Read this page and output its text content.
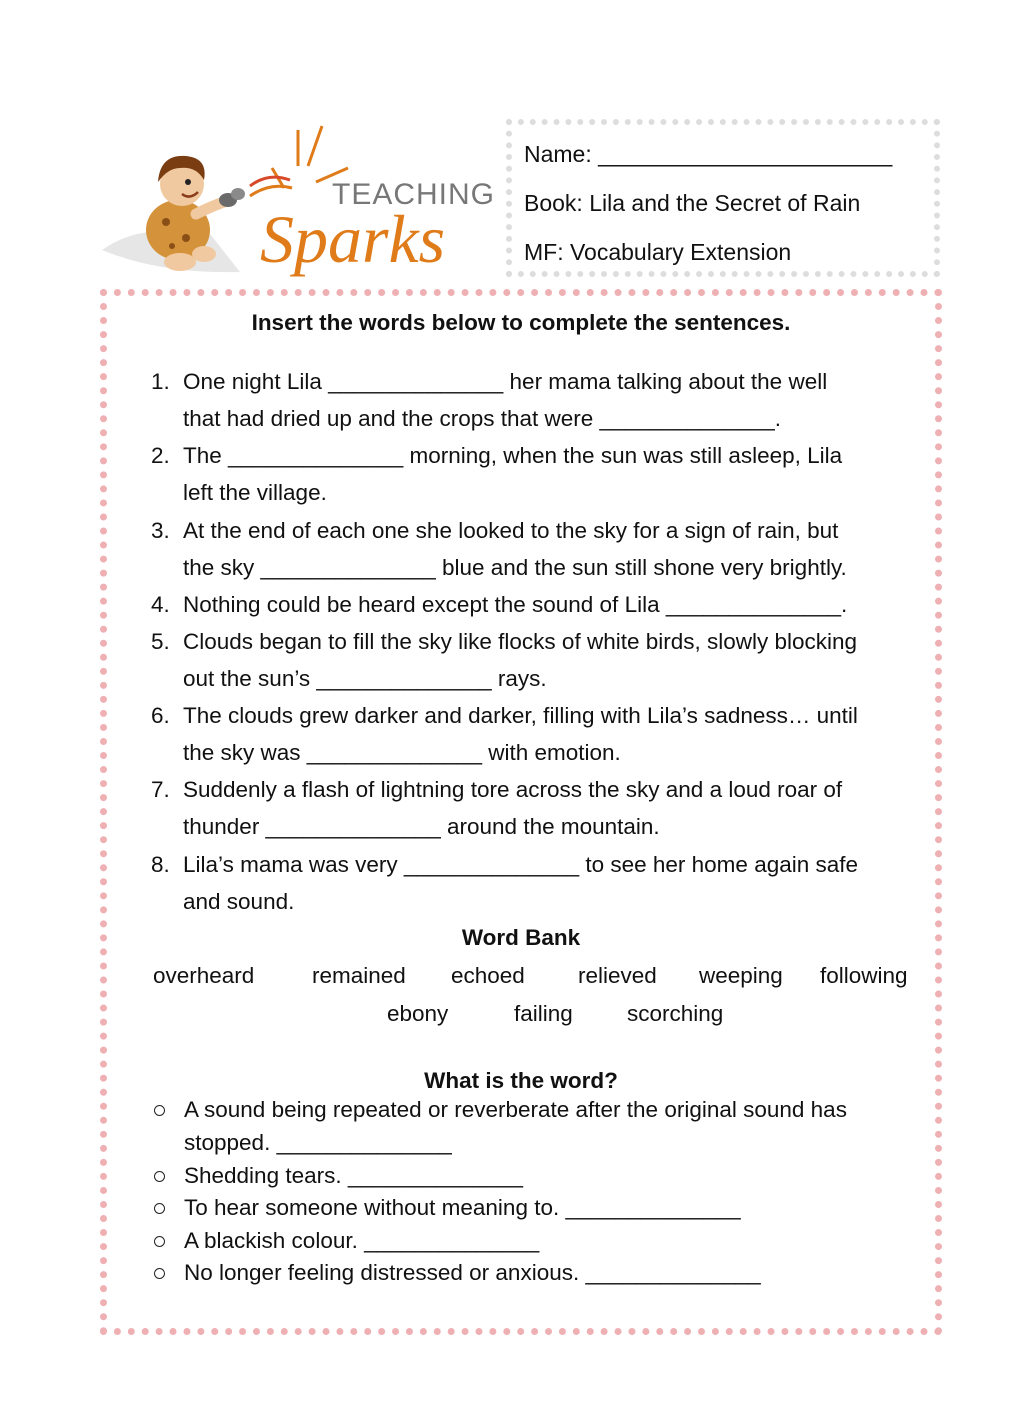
TEACHING
Sparks
Name: _______________________
Book: Lila and the Secret of Rain
MF: Vocabulary Extension
Insert the words below to complete the sentences.
1. One night Lila ______________ her mama talking about the well
that had dried up and the crops that were ______________.
2. The ______________ morning, when the sun was still asleep, Lila
left the village.
3. At the end of each one she looked to the sky for a sign of rain, but
the sky ______________ blue and the sun still shone very brightly.
4. Nothing could be heard except the sound of Lila ______________.
5. Clouds began to fill the sky like flocks of white birds, slowly blocking
out the sun’s ______________ rays.
6. The clouds grew darker and darker, filling with Lila’s sadness… until
the sky was ______________ with emotion.
7. Suddenly a flash of lightning tore across the sky and a loud roar of
thunder ______________ around the mountain.
8. Lila’s mama was very ______________ to see her home again safe
and sound.
Word Bank
overheard	remained echoed relieved weeping following
ebony	failing scorching
What is the word?
A sound being repeated or reverberate after the original sound has
stopped. ______________
Shedding tears. ______________
To hear someone without meaning to. ______________
A blackish colour. ______________
No longer feeling distressed or anxious. ______________
